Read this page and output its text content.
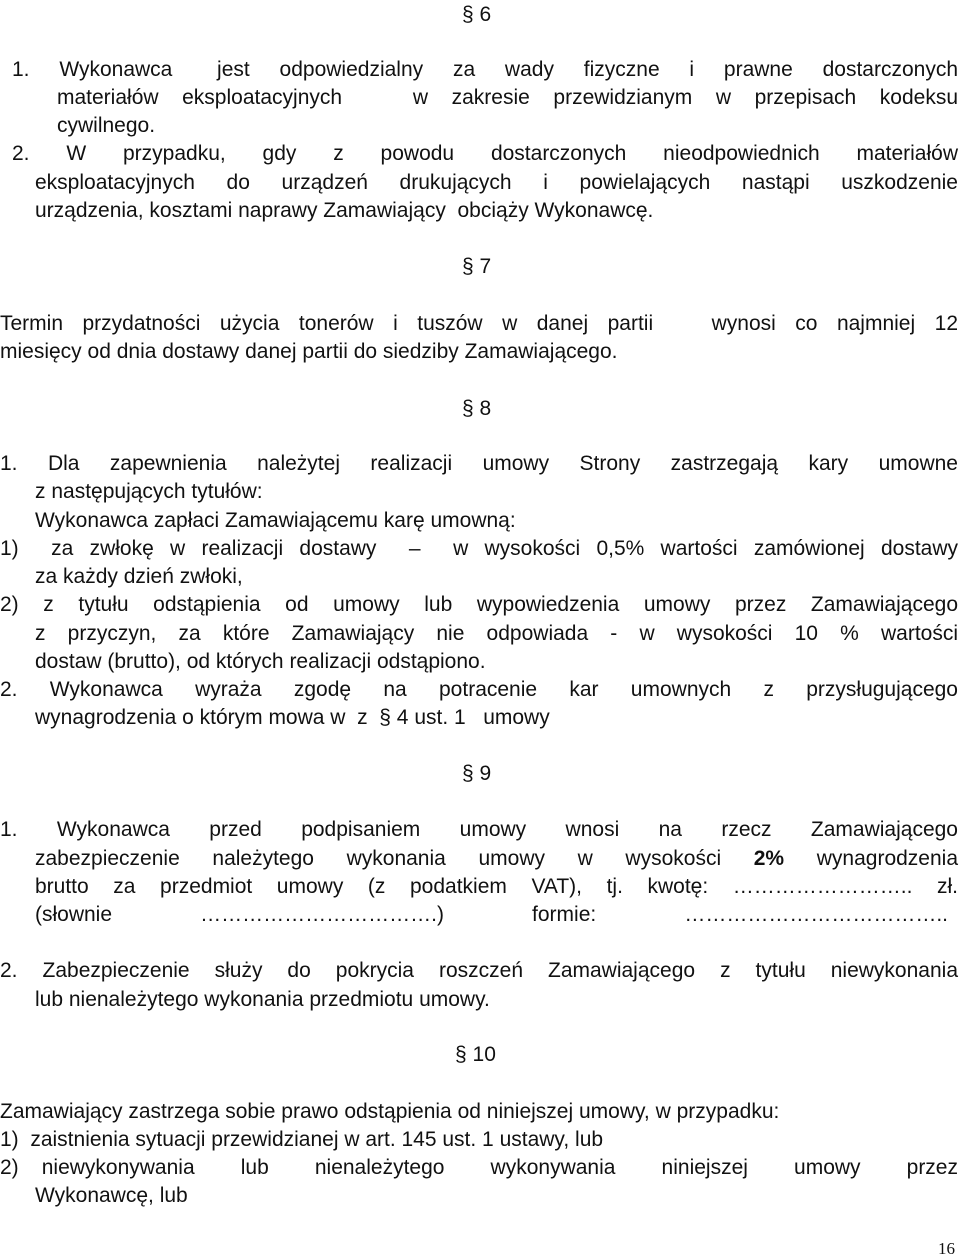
§ 6
1.  Wykonawca   jest  odpowiedzialny  za  wady  fizyczne  i  prawne  dostarczonych
materiałów  eksploatacyjnych      w  zakresie  przewidzianym  w  przepisach  kodeksu
cywilnego.
2.  W  przypadku,  gdy  z  powodu  dostarczonych  nieodpowiednich  materiałów
eksploatacyjnych do urządzeń drukujących i powielających nastąpi uszkodzenie
urządzenia, kosztami naprawy Zamawiający  obciąży Wykonawcę.
§ 7
Termin przydatności użycia tonerów i tuszów w danej partii   wynosi co najmniej 12
miesięcy od dnia dostawy danej partii do siedziby Zamawiającego.
§ 8
1.  Dla  zapewnienia  należytej  realizacji  umowy  Strony  zastrzegają  kary  umowne
z następujących tytułów:
Wykonawca zapłaci Zamawiającemu karę umowną:
1)  za zwłokę w realizacji dostawy  –  w wysokości 0,5% wartości zamówionej dostawy
za każdy dzień zwłoki,
2)  z  tytułu  odstąpienia  od  umowy  lub  wypowiedzenia  umowy  przez  Zamawiającego
z  przyczyn,  za  które  Zamawiający  nie  odpowiada  -  w  wysokości  10  %  wartości
dostaw (brutto), od których realizacji odstąpiono.
2.  Wykonawca  wyraża  zgodę  na  potracenie  kar  umownych  z  przysługującego
wynagrodzenia o którym mowa w  z  § 4 ust. 1   umowy
§ 9
1.  Wykonawca  przed  podpisaniem  umowy  wnosi  na  rzecz  Zamawiającego
zabezpieczenie  należytego  wykonania  umowy  w  wysokości  2%  wynagrodzenia
brutto  za  przedmiot  umowy  (z  podatkiem  VAT),  tj.  kwotę:  ……………………..  zł.
(słownie  …………………………….)  formie:  ………………………………..
2.  Zabezpieczenie  służy  do  pokrycia  roszczeń  Zamawiającego  z  tytułu  niewykonania
lub nienależytego wykonania przedmiotu umowy.
§ 10
Zamawiający zastrzega sobie prawo odstąpienia od niniejszej umowy, w przypadku:
1)  zaistnienia sytuacji przewidzianej w art. 145 ust. 1 ustawy, lub
2)  niewykonywania    lub    nienależytego    wykonywania    niniejszej    umowy    przez
Wykonawcę, lub
16
